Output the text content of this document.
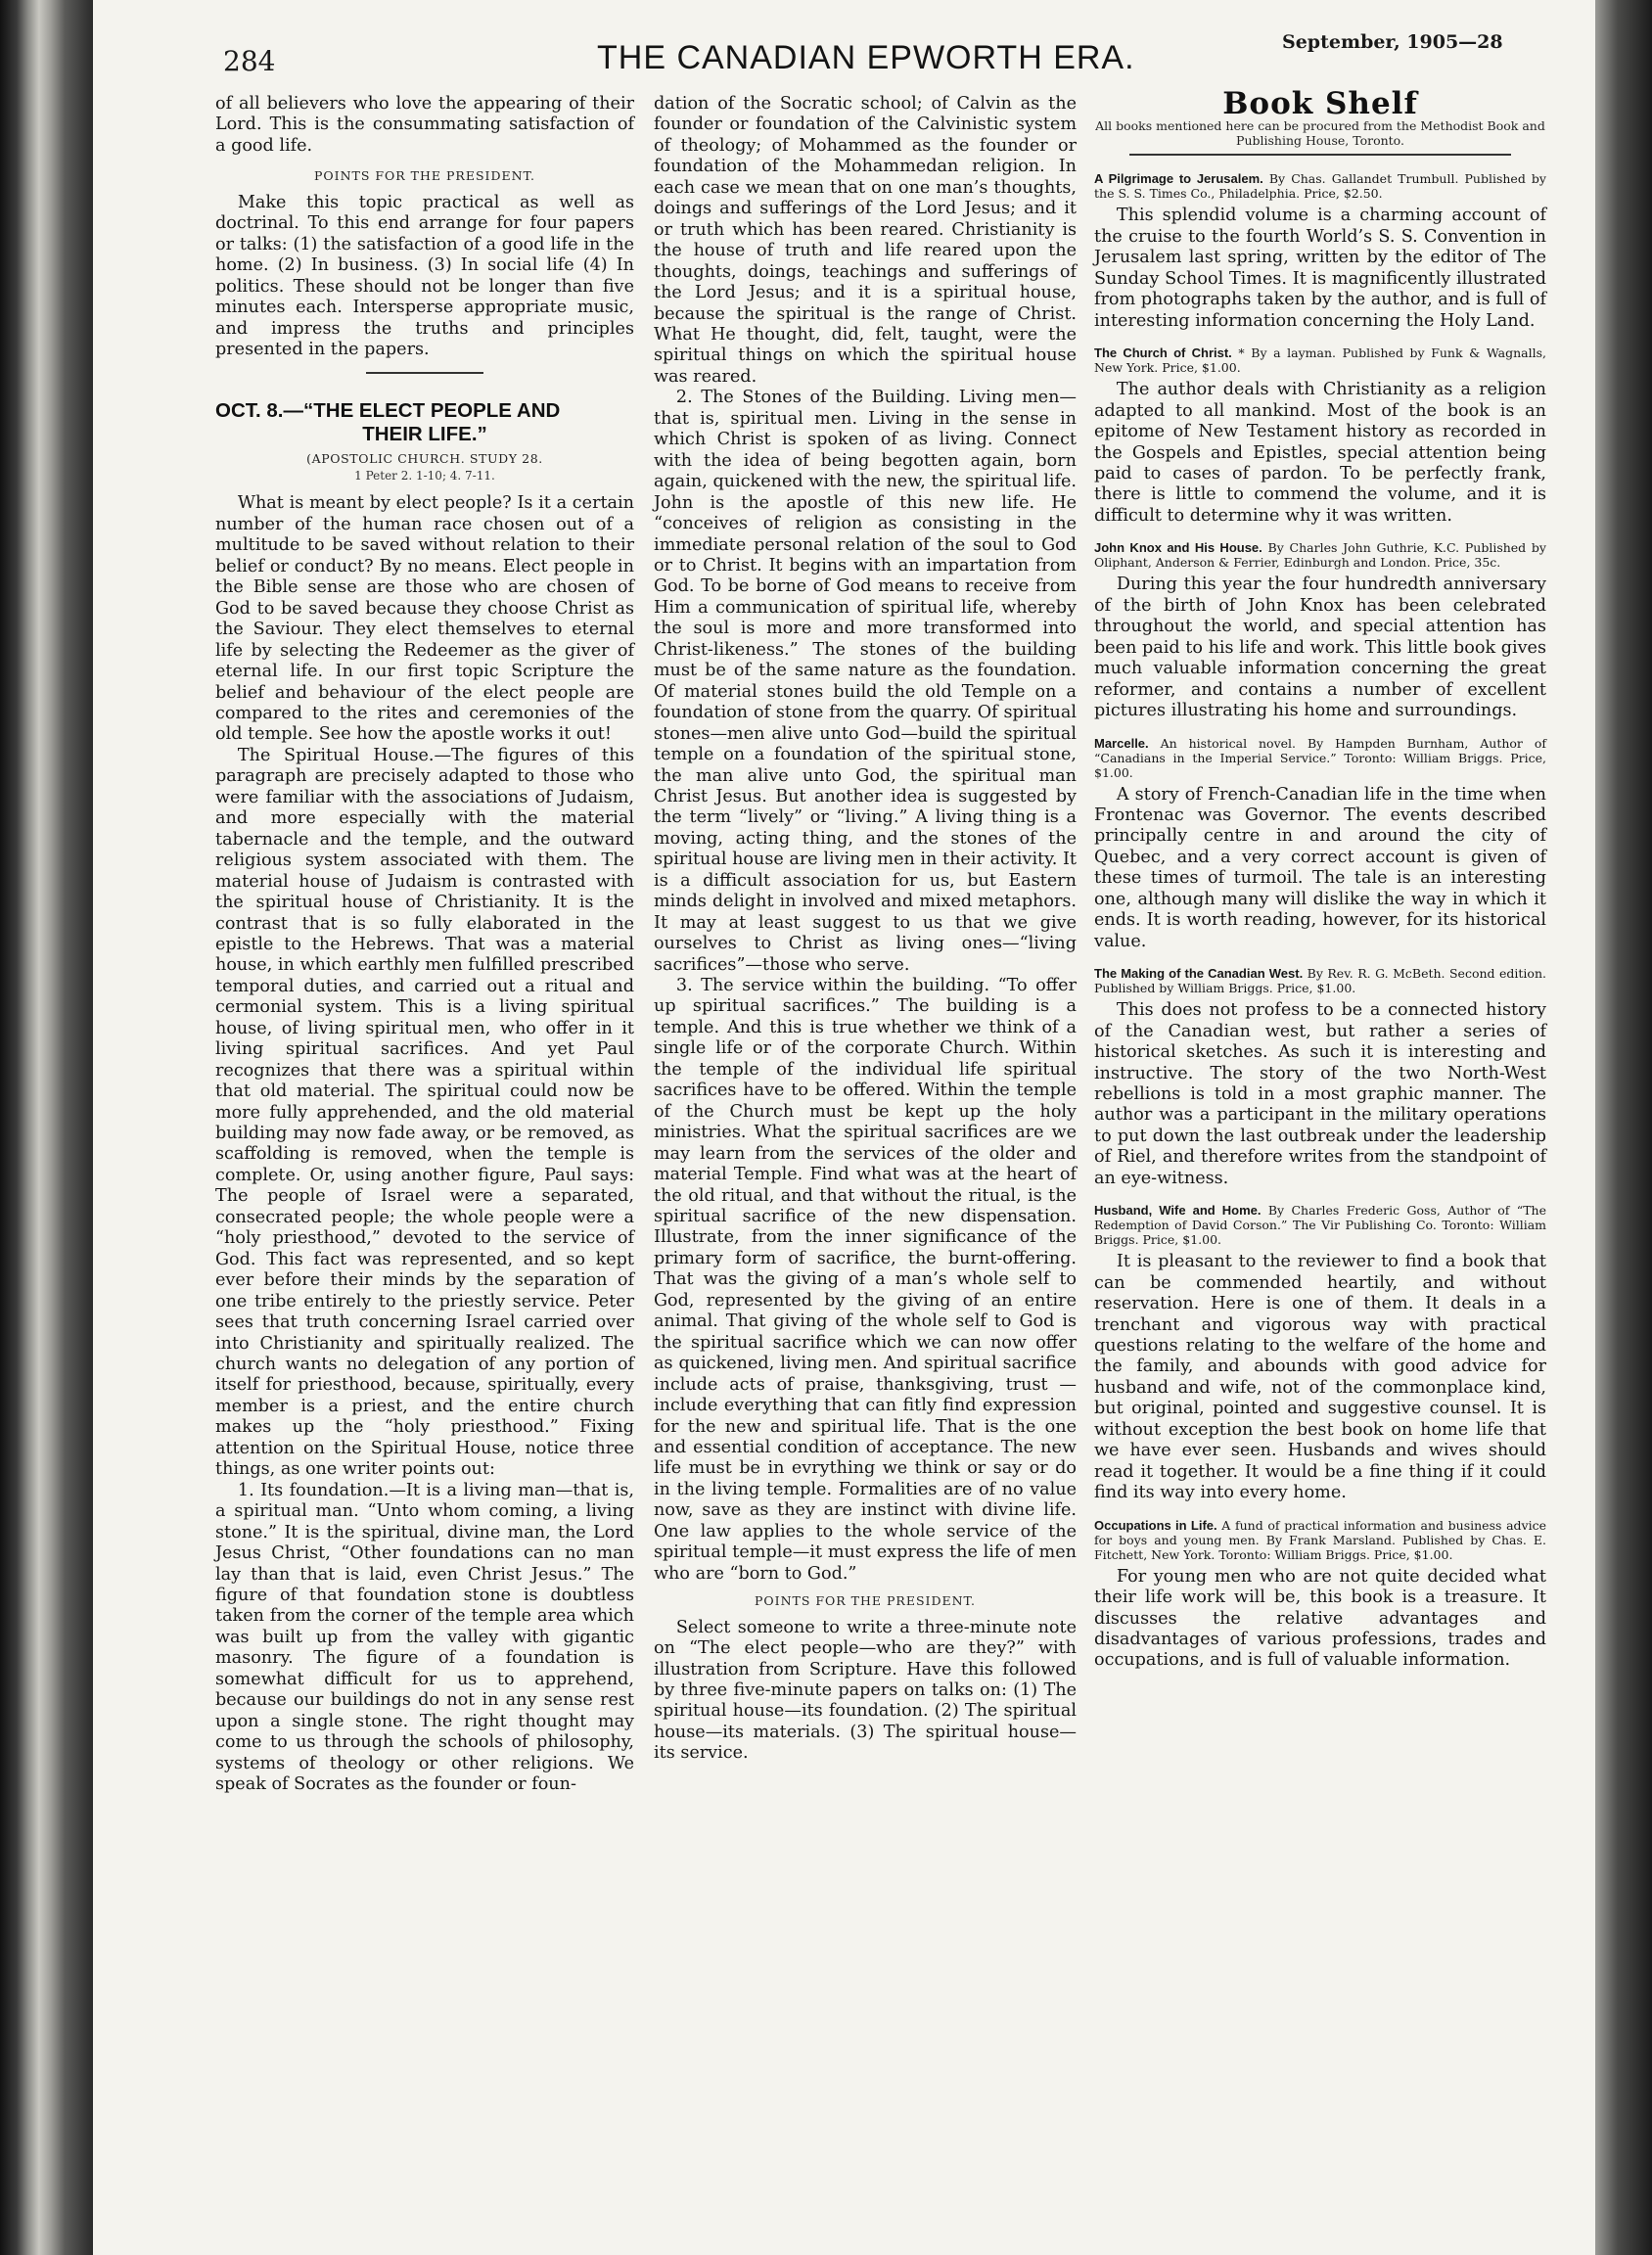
284	THE CANADIAN EPWORTH ERA.	September, 1905—28

of all believers who love the appearing of their Lord. This is the consummating satisfaction of a good life.

POINTS FOR THE PRESIDENT.

Make this topic practical as well as doctrinal. To this end arrange for four papers or talks: (1) the satisfaction of a good life in the home. (2) In business. (3) In social life (4) In politics. These should not be longer than five minutes each. Intersperse appropriate music, and impress the truths and principles presented in the papers.

OCT. 8.—“THE ELECT PEOPLE AND
THEIR LIFE.”
(APOSTOLIC CHURCH. STUDY 28.
1 Peter 2. 1-10; 4. 7-11.

What is meant by elect people? Is it a certain number of the human race chosen out of a multitude to be saved without relation to their belief or conduct? By no means. Elect people in the Bible sense are those who are chosen of God to be saved because they choose Christ as the Saviour. They elect themselves to eternal life by selecting the Redeemer as the giver of eternal life. In our first topic Scripture the belief and behaviour of the elect people are compared to the rites and ceremonies of the old temple. See how the apostle works it out!

The Spiritual House.—The figures of this paragraph are precisely adapted to those who were familiar with the associations of Judaism, and more especially with the material tabernacle and the temple, and the outward religious system associated with them. The material house of Judaism is contrasted with the spiritual house of Christianity. It is the contrast that is so fully elaborated in the epistle to the Hebrews. That was a material house, in which earthly men fulfilled prescribed temporal duties, and carried out a ritual and cermonial system. This is a living spiritual house, of living spiritual men, who offer in it living spiritual sacrifices. And yet Paul recognizes that there was a spiritual within that old material. The spiritual could now be more fully apprehended, and the old material building may now fade away, or be removed, as scaffolding is removed, when the temple is complete. Or, using another figure, Paul says: The people of Israel were a separated, consecrated people; the whole people were a “holy priesthood,” devoted to the service of God. This fact was represented, and so kept ever before their minds by the separation of one tribe entirely to the priestly service. Peter sees that truth concerning Israel carried over into Christianity and spiritually realized. The church wants no delegation of any portion of itself for priesthood, because, spiritually, every member is a priest, and the entire church makes up the “holy priesthood.” Fixing attention on the Spiritual House, notice three things, as one writer points out:

1. Its foundation.—It is a living man—that is, a spiritual man. “Unto whom coming, a living stone.” It is the spiritual, divine man, the Lord Jesus Christ, “Other foundations can no man lay than that is laid, even Christ Jesus.” The figure of that foundation stone is doubtless taken from the corner of the temple area which was built up from the valley with gigantic masonry. The figure of a foundation is somewhat difficult for us to apprehend, because our buildings do not in any sense rest upon a single stone. The right thought may come to us through the schools of philosophy, systems of theology or other religions. We speak of Socrates as the founder or foun-

dation of the Socratic school; of Calvin as the founder or foundation of the Calvinistic system of theology; of Mohammed as the founder or foundation of the Mohammedan religion. In each case we mean that on one man’s thoughts, doings and sufferings of the Lord Jesus; and it or truth which has been reared. Christianity is the house of truth and life reared upon the thoughts, doings, teachings and sufferings of the Lord Jesus; and it is a spiritual house, because the spiritual is the range of Christ. What He thought, did, felt, taught, were the spiritual things on which the spiritual house was reared.

2. The Stones of the Building. Living men—that is, spiritual men. Living in the sense in which Christ is spoken of as living. Connect with the idea of being begotten again, born again, quickened with the new, the spiritual life. John is the apostle of this new life. He “conceives of religion as consisting in the immediate personal relation of the soul to God or to Christ. It begins with an impartation from God. To be borne of God means to receive from Him a communication of spiritual life, whereby the soul is more and more transformed into Christ-likeness.” The stones of the building must be of the same nature as the foundation. Of material stones build the old Temple on a foundation of stone from the quarry. Of spiritual stones—men alive unto God—build the spiritual temple on a foundation of the spiritual stone, the man alive unto God, the spiritual man Christ Jesus. But another idea is suggested by the term “lively” or “living.” A living thing is a moving, acting thing, and the stones of the spiritual house are living men in their activity. It is a difficult association for us, but Eastern minds delight in involved and mixed metaphors. It may at least suggest to us that we give ourselves to Christ as living ones—“living sacrifices”—those who serve.

3. The service within the building. “To offer up spiritual sacrifices.” The building is a temple. And this is true whether we think of a single life or of the corporate Church. Within the temple of the individual life spiritual sacrifices have to be offered. Within the temple of the Church must be kept up the holy ministries. What the spiritual sacrifices are we may learn from the services of the older and material Temple. Find what was at the heart of the old ritual, and that without the ritual, is the spiritual sacrifice of the new dispensation. Illustrate, from the inner significance of the primary form of sacrifice, the burnt-offering. That was the giving of a man’s whole self to God, represented by the giving of an entire animal. That giving of the whole self to God is the spiritual sacrifice which we can now offer as quickened, living men. And spiritual sacrifice include acts of praise, thanksgiving, trust —include everything that can fitly find expression for the new and spiritual life. That is the one and essential condition of acceptance. The new life must be in evrything we think or say or do in the living temple. Formalities are of no value now, save as they are instinct with divine life. One law applies to the whole service of the spiritual temple—it must express the life of men who are “born to God.”

POINTS FOR THE PRESIDENT.

Select someone to write a three-minute note on “The elect people—who are they?” with illustration from Scripture. Have this followed by three five-minute papers on talks on: (1) The spiritual house—its foundation. (2) The spiritual house—its materials. (3) The spiritual house—its service.

Book Shelf
All books mentioned here can be procured from the Methodist Book and Publishing House, Toronto.
A Pilgrimage to Jerusalem. By Chas. Gallandet Trumbull. Published by the S. S. Times Co., Philadelphia. Price, $2.50.

This splendid volume is a charming account of the cruise to the fourth World’s S. S. Convention in Jerusalem last spring, written by the editor of The Sunday School Times. It is magnificently illustrated from photographs taken by the author, and is full of interesting information concerning the Holy Land.

The Church of Christ. * By a layman. Published by Funk & Wagnalls, New York. Price, $1.00.

The author deals with Christianity as a religion adapted to all mankind. Most of the book is an epitome of New Testament history as recorded in the Gospels and Epistles, special attention being paid to cases of pardon. To be perfectly frank, there is little to commend the volume, and it is difficult to determine why it was written.

John Knox and His House. By Charles John Guthrie, K.C. Published by Oliphant, Anderson & Ferrier, Edinburgh and London. Price, 35c.

During this year the four hundredth anniversary of the birth of John Knox has been celebrated throughout the world, and special attention has been paid to his life and work. This little book gives much valuable information concerning the great reformer, and contains a number of excellent pictures illustrating his home and surroundings.

Marcelle. An historical novel. By Hampden Burnham, Author of “Canadians in the Imperial Service.” Toronto: William Briggs. Price, $1.00.

A story of French-Canadian life in the time when Frontenac was Governor. The events described principally centre in and around the city of Quebec, and a very correct account is given of these times of turmoil. The tale is an interesting one, although many will dislike the way in which it ends. It is worth reading, however, for its historical value.

The Making of the Canadian West. By Rev. R. G. McBeth. Second edition. Published by William Briggs. Price, $1.00.

This does not profess to be a connected history of the Canadian west, but rather a series of historical sketches. As such it is interesting and instructive. The story of the two North-West rebellions is told in a most graphic manner. The author was a participant in the military operations to put down the last outbreak under the leadership of Riel, and therefore writes from the standpoint of an eye-witness.

Husband, Wife and Home. By Charles Frederic Goss, Author of “The Redemption of David Corson.” The Vir Publishing Co. Toronto: William Briggs. Price, $1.00.

It is pleasant to the reviewer to find a book that can be commended heartily, and without reservation. Here is one of them. It deals in a trenchant and vigorous way with practical questions relating to the welfare of the home and the family, and abounds with good advice for husband and wife, not of the commonplace kind, but original, pointed and suggestive counsel. It is without exception the best book on home life that we have ever seen. Husbands and wives should read it together. It would be a fine thing if it could find its way into every home.

Occupations in Life. A fund of practical information and business advice for boys and young men. By Frank Marsland. Published by Chas. E. Fitchett, New York. Toronto: William Briggs. Price, $1.00.

For young men who are not quite decided what their life work will be, this book is a treasure. It discusses the relative advantages and disadvantages of various professions, trades and occupations, and is full of valuable information.
